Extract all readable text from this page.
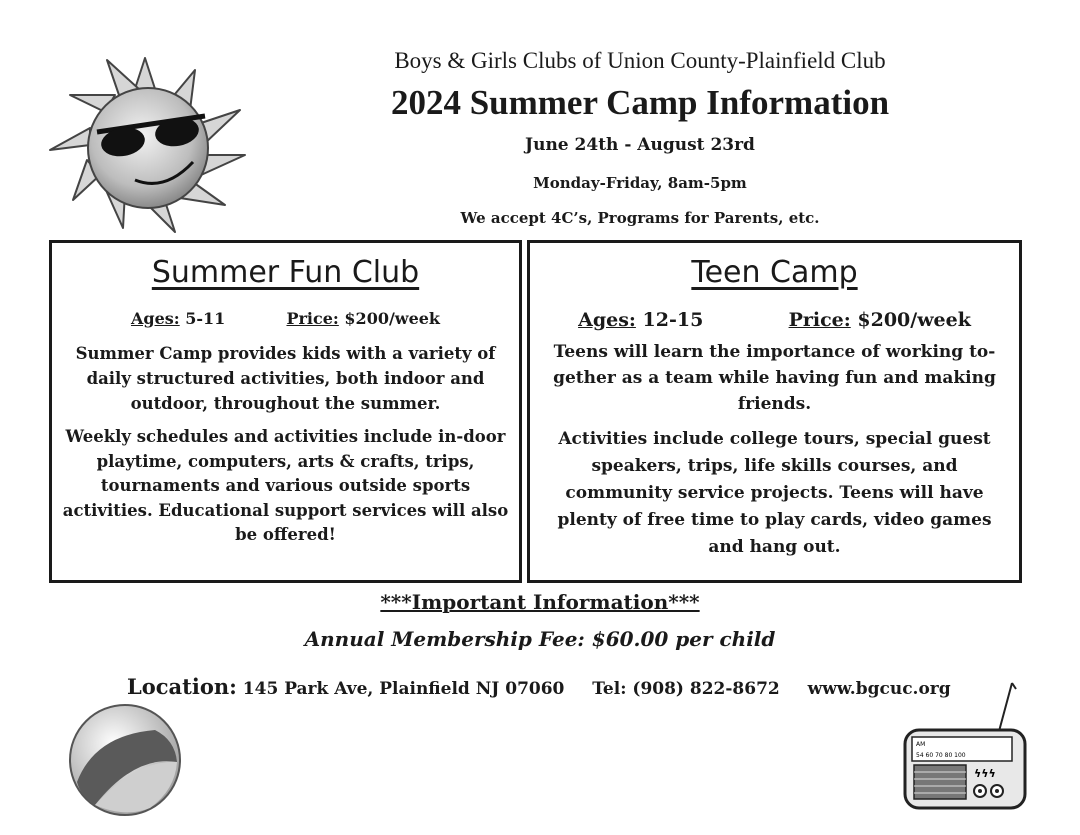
Boys & Girls Clubs of Union County-Plainfield Club
2024 Summer Camp Information
June 24th - August 23rd
Monday-Friday, 8am-5pm
We accept 4C’s, Programs for Parents, etc.
Summer Fun Club
Ages: 5-11	Price: $200/week
Summer Camp provides kids with a variety of daily structured activities, both indoor and outdoor, throughout the summer.
Weekly schedules and activities include in-door playtime, computers, arts & crafts, trips, tournaments and various outside sports activities. Educational support services will also be offered!
Teen Camp
Ages: 12-15	Price: $200/week
Teens will learn the importance of working to-gether as a team while having fun and making friends.
Activities include college tours, special guest speakers, trips, life skills courses, and community service projects. Teens will have plenty of free time to play cards, video games and hang out.
***Important Information***
Annual Membership Fee: $60.00 per child
Location: 145 Park Ave, Plainfield NJ 07060 Tel: (908) 822-8672 www.bgcuc.org
AM
54 60 70 80 100
ϟϟϟ
